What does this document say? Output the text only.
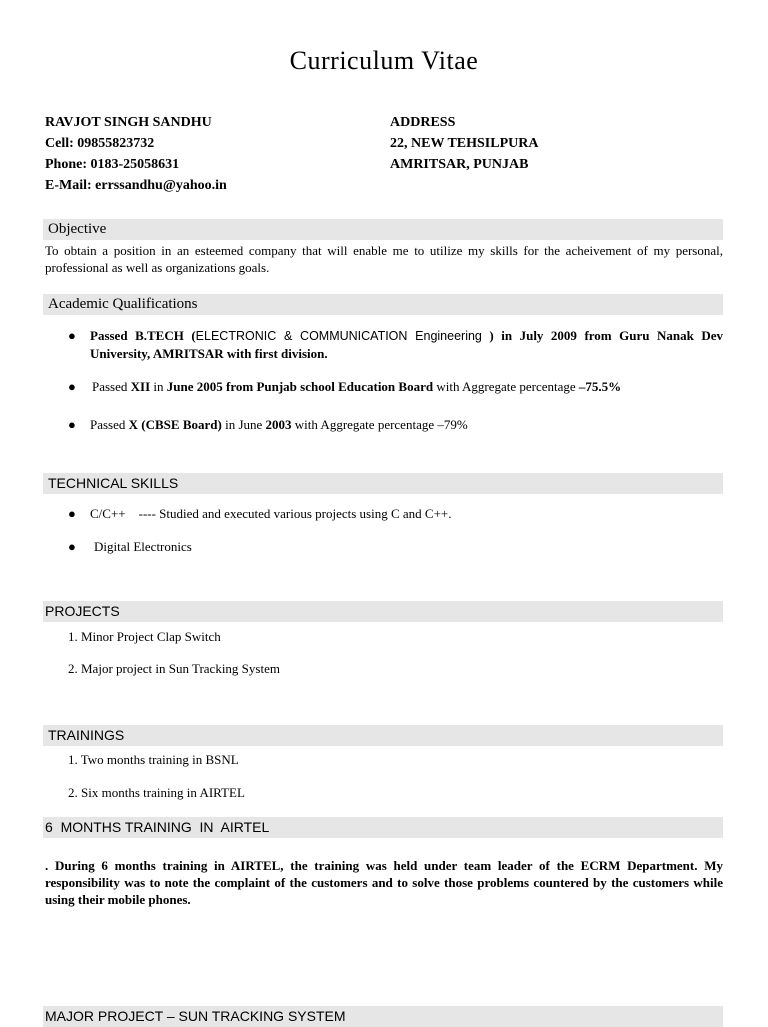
Curriculum Vitae
RAVJOT SINGH SANDHU
Cell: 09855823732
Phone: 0183-25058631
E-Mail: errssandhu@yahoo.in
ADDRESS
22, NEW TEHSILPURA
AMRITSAR, PUNJAB
Objective
To obtain a position in an esteemed company that will enable me to utilize my skills for the acheivement of my personal, professional as well as organizations goals.
Academic Qualifications
● Passed B.TECH (ELECTRONIC & COMMUNICATION Engineering ) in July 2009 from Guru Nanak Dev University, AMRITSAR with first division.
● Passed XII in June 2005 from Punjab school Education Board with Aggregate percentage –75.5%
● Passed X (CBSE Board) in June 2003 with Aggregate percentage –79%
TECHNICAL SKILLS
● C/C++    ---- Studied and executed various projects using C and C++.
● Digital Electronics
PROJECTS
1. Minor Project Clap Switch
2. Major project in Sun Tracking System
TRAININGS
1. Two months training in BSNL
2. Six months training in AIRTEL
6  MONTHS TRAINING  IN  AIRTEL
. During 6 months training in AIRTEL, the training was held under team leader of the ECRM Department. My responsibility was to note the complaint of the customers and to solve those problems countered by the customers while using their mobile phones.
MAJOR PROJECT – SUN TRACKING SYSTEM
